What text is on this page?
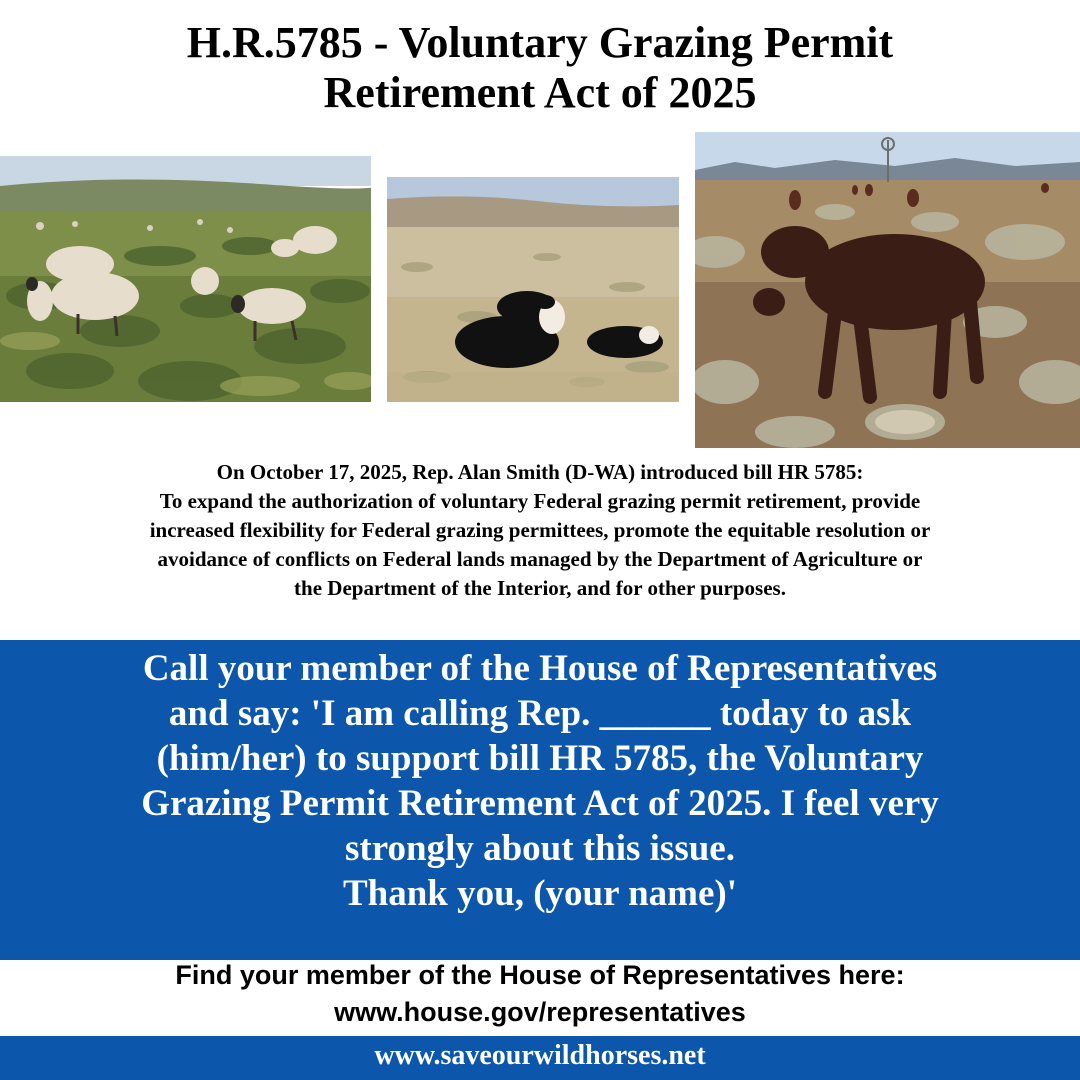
H.R.5785 - Voluntary Grazing Permit
Retirement Act of 2025
On October 17, 2025, Rep. Alan Smith (D-WA) introduced bill HR 5785:
To expand the authorization of voluntary Federal grazing permit retirement, provide
increased flexibility for Federal grazing permittees, promote the equitable resolution or
avoidance of conflicts on Federal lands managed by the Department of Agriculture or
the Department of the Interior, and for other purposes.
Call your member of the House of Representatives
and say: 'I am calling Rep. ______ today to ask
(him/her) to support bill HR 5785, the Voluntary
Grazing Permit Retirement Act of 2025. I feel very
strongly about this issue.
Thank you, (your name)'
Find your member of the House of Representatives here:
www.house.gov/representatives
www.saveourwildhorses.net
